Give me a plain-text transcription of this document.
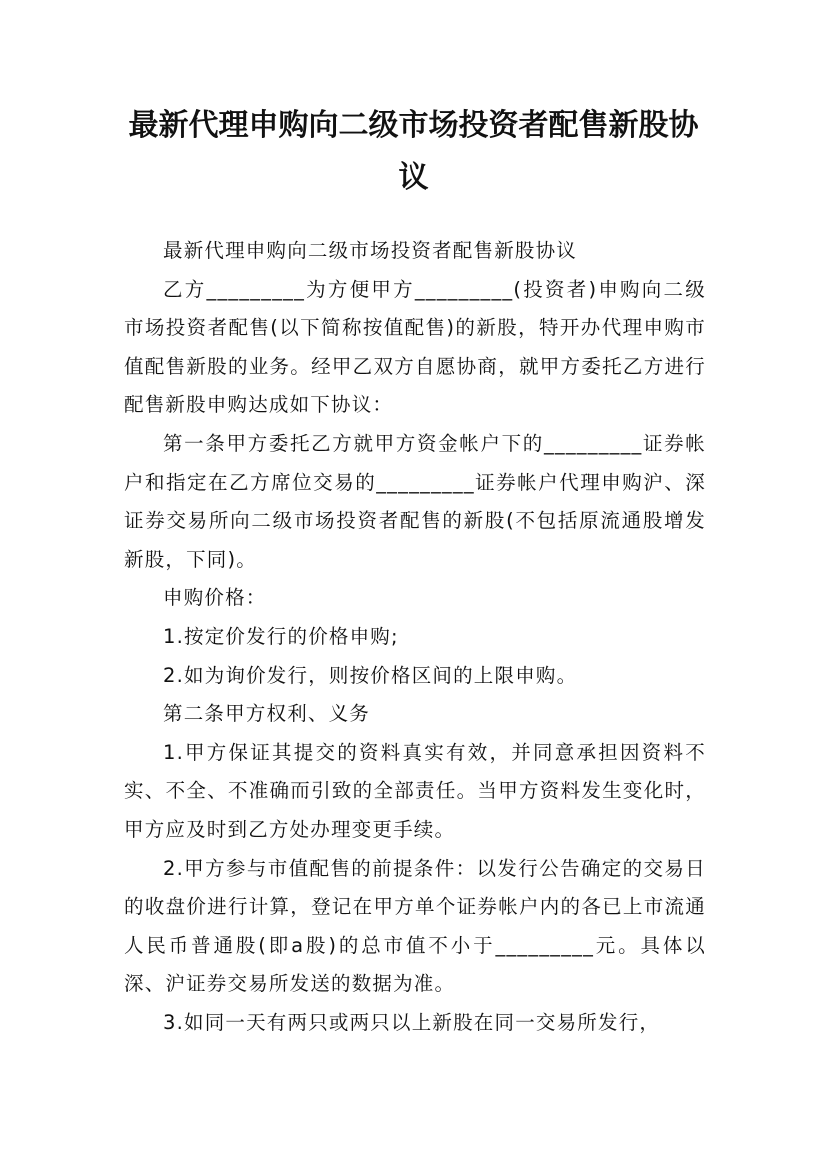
最新代理申购向二级市场投资者配售新股协议

最新代理申购向二级市场投资者配售新股协议

乙方_________为方便甲方_________(投资者)申购向二级市场投资者配售(以下简称按值配售)的新股，特开办代理申购市值配售新股的业务。经甲乙双方自愿协商，就甲方委托乙方进行配售新股申购达成如下协议：

第一条甲方委托乙方就甲方资金帐户下的_________证券帐户和指定在乙方席位交易的_________证券帐户代理申购沪、深证券交易所向二级市场投资者配售的新股(不包括原流通股增发新股，下同)。

申购价格：

1.按定价发行的价格申购;

2.如为询价发行，则按价格区间的上限申购。

第二条甲方权利、义务

1.甲方保证其提交的资料真实有效，并同意承担因资料不实、不全、不准确而引致的全部责任。当甲方资料发生变化时，甲方应及时到乙方处办理变更手续。

2.甲方参与市值配售的前提条件：以发行公告确定的交易日的收盘价进行计算，登记在甲方单个证券帐户内的各已上市流通人民币普通股(即a股)的总市值不小于_________元。具体以深、沪证券交易所发送的数据为准。

3.如同一天有两只或两只以上新股在同一交易所发行，
